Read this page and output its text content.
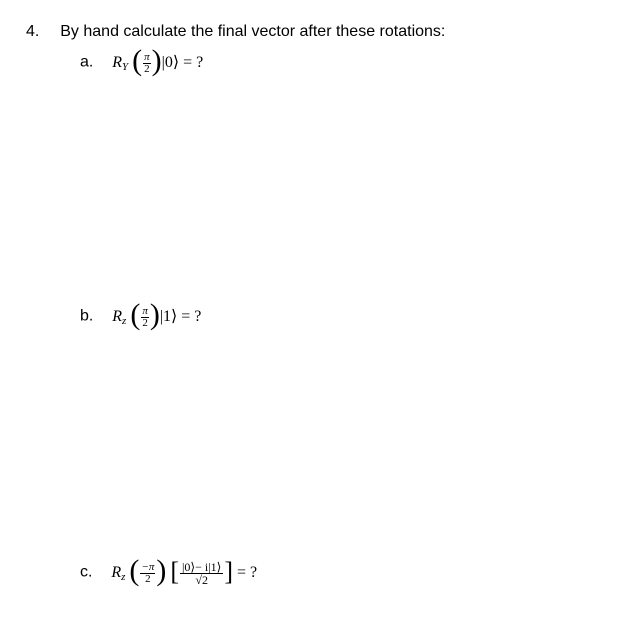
4. By hand calculate the final vector after these rotations:
a. RY ( $\frac{\pi}{2}$ )|0⟩ = ?
b. Rz ( $\frac{\pi}{2}$ )|1⟩ = ?
c. Rz ( $\frac{-\pi}{2}$ ) [ $\frac{|0⟩- i|1⟩}{√2}$ ] = ?
